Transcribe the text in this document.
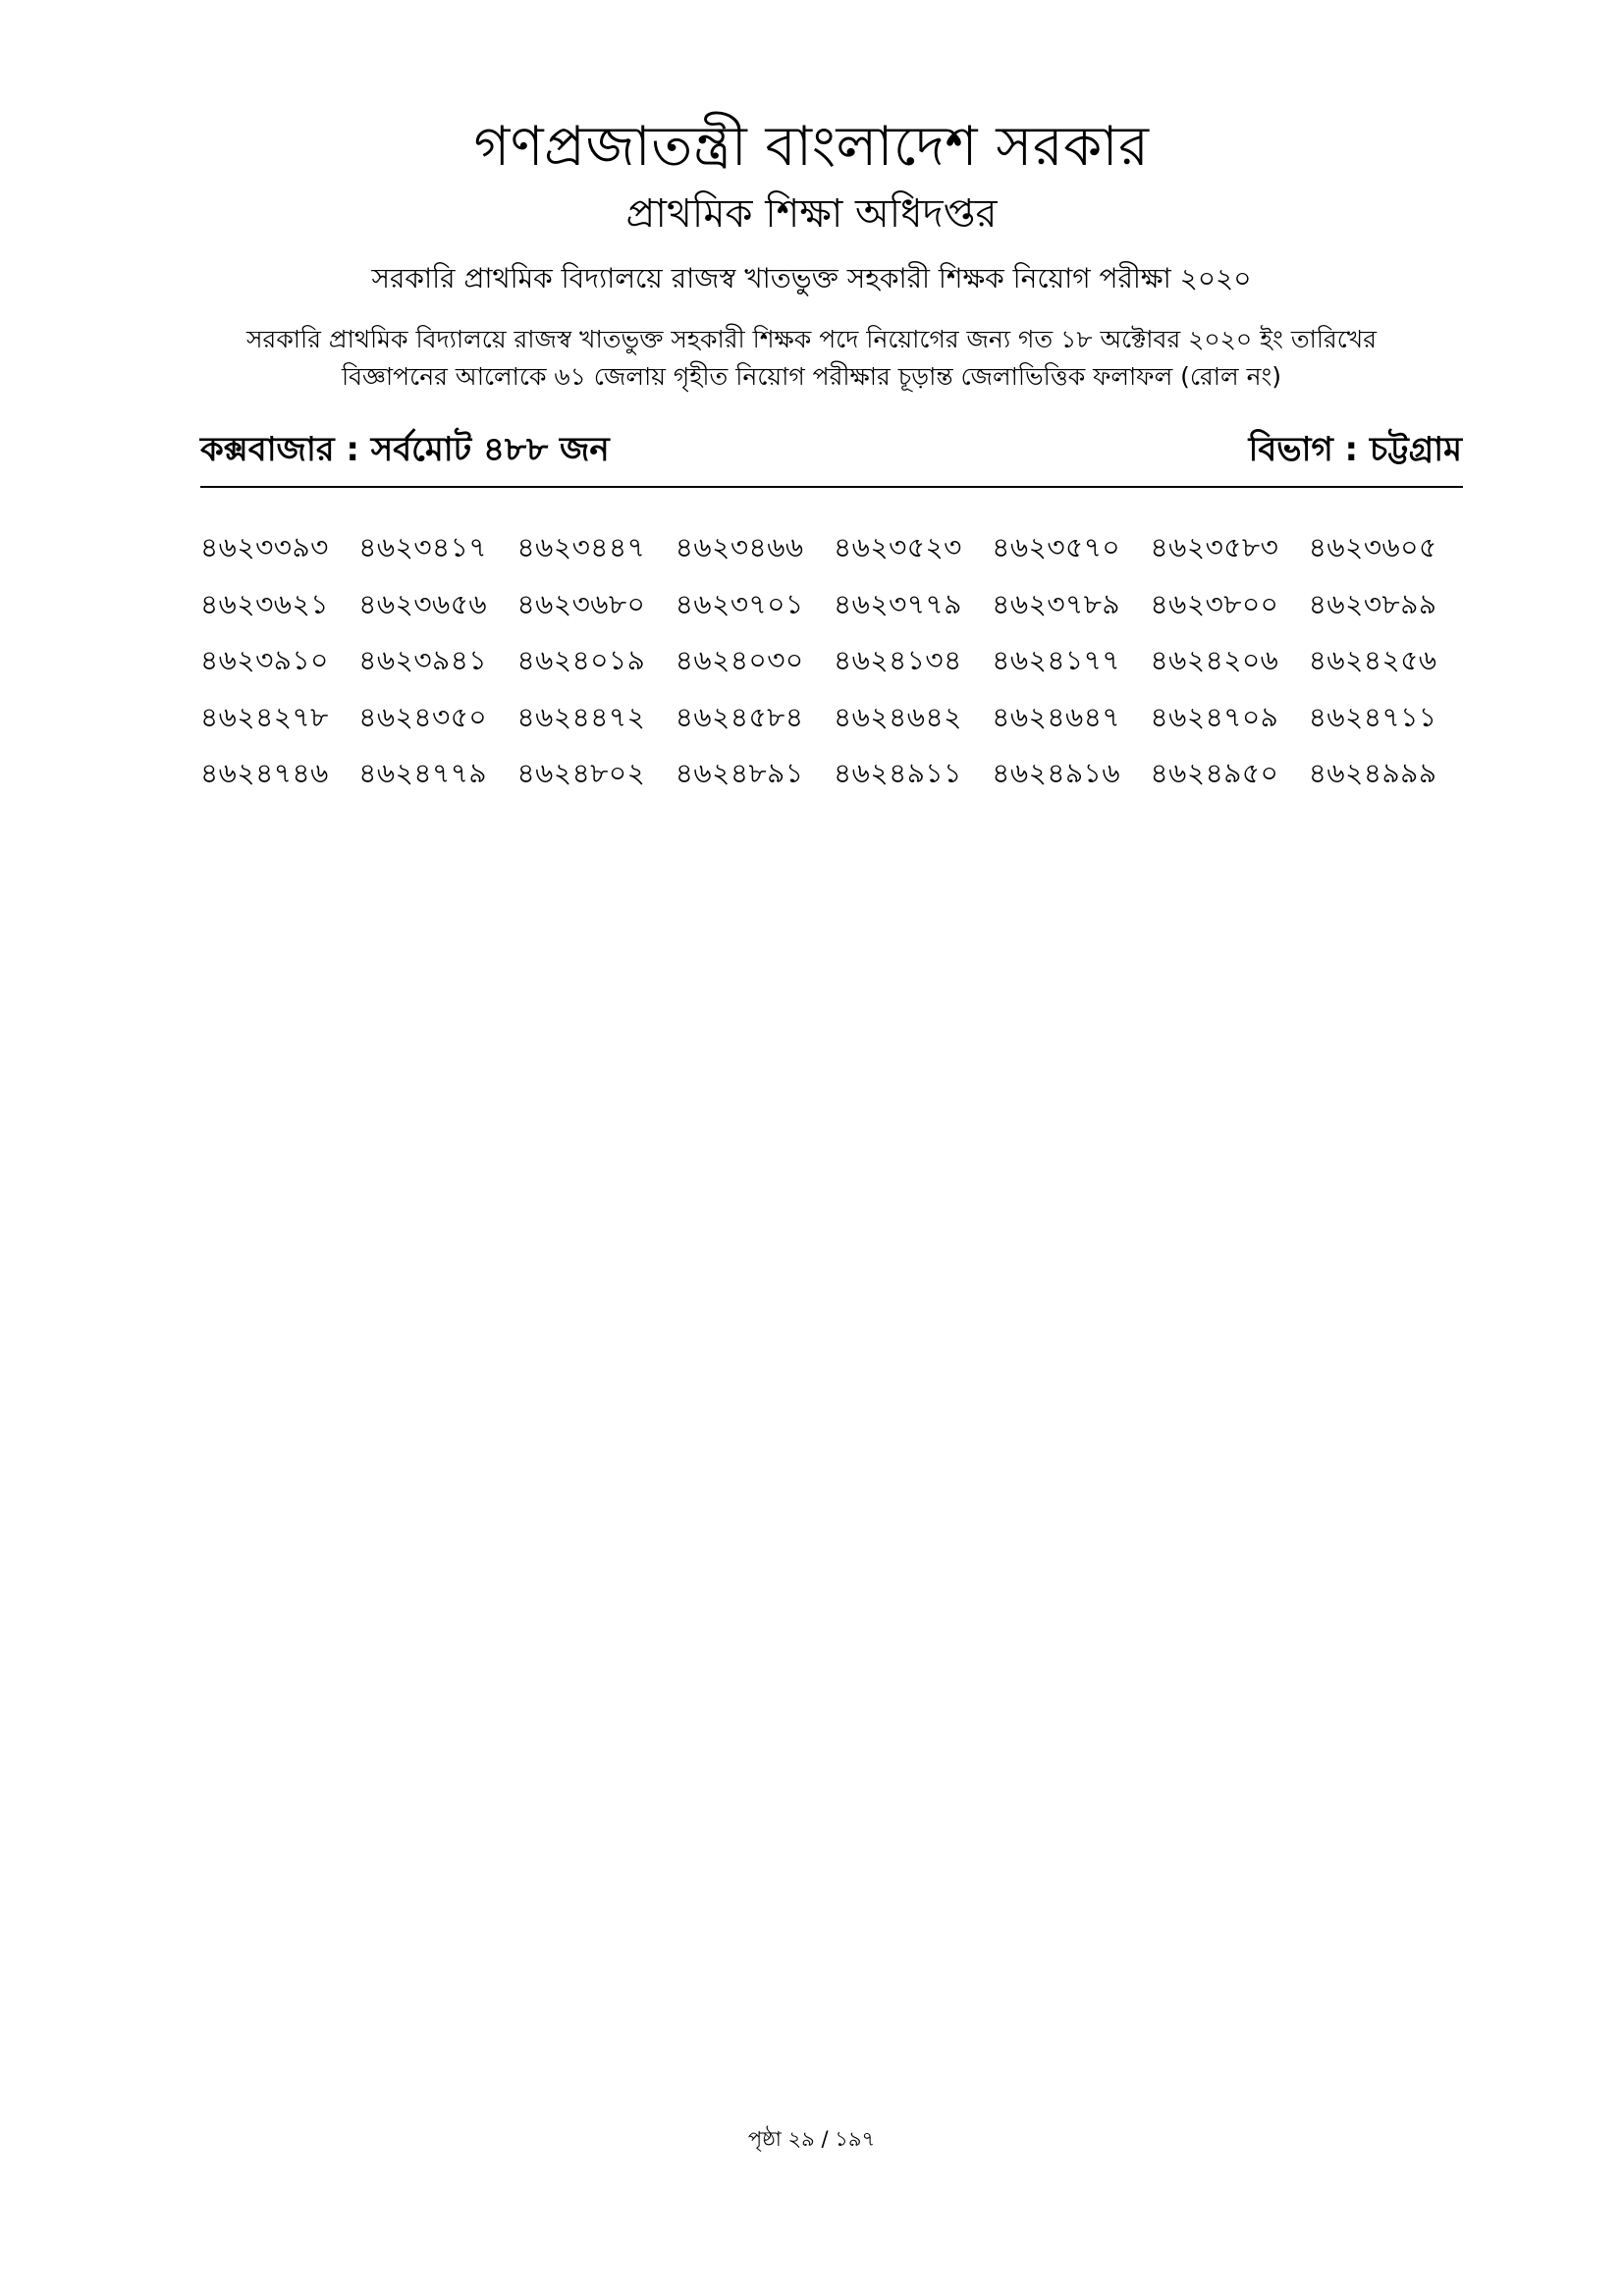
গণপ্রজাতন্ত্রী বাংলাদেশ সরকার
প্রাথমিক শিক্ষা অধিদপ্তর
সরকারি প্রাথমিক বিদ্যালয়ে রাজস্ব খাতভুক্ত সহকারী শিক্ষক নিয়োগ পরীক্ষা ২০২০
সরকারি প্রাথমিক বিদ্যালয়ে রাজস্ব খাতভুক্ত সহকারী শিক্ষক পদে নিয়োগের জন্য গত ১৮ অক্টোবর ২০২০ ইং তারিখের
বিজ্ঞাপনের আলোকে ৬১ জেলায় গৃহীত নিয়োগ পরীক্ষার চূড়ান্ত জেলাভিত্তিক ফলাফল (রোল নং)
কক্সবাজার : সর্বমোট ৪৮৮ জন	বিভাগ : চট্টগ্রাম
৪৬২৩৩৯৩	৪৬২৩৪১৭	৪৬২৩৪৪৭	৪৬২৩৪৬৬	৪৬২৩৫২৩	৪৬২৩৫৭০	৪৬২৩৫৮৩	৪৬২৩৬০৫
৪৬২৩৬২১	৪৬২৩৬৫৬	৪৬২৩৬৮০	৪৬২৩৭০১	৪৬২৩৭৭৯	৪৬২৩৭৮৯	৪৬২৩৮০০	৪৬২৩৮৯৯
৪৬২৩৯১০	৪৬২৩৯৪১	৪৬২৪০১৯	৪৬২৪০৩০	৪৬২৪১৩৪	৪৬২৪১৭৭	৪৬২৪২০৬	৪৬২৪২৫৬
৪৬২৪২৭৮	৪৬২৪৩৫০	৪৬২৪৪৭২	৪৬২৪৫৮৪	৪৬২৪৬৪২	৪৬২৪৬৪৭	৪৬২৪৭০৯	৪৬২৪৭১১
৪৬২৪৭৪৬	৪৬২৪৭৭৯	৪৬২৪৮০২	৪৬২৪৮৯১	৪৬২৪৯১১	৪৬২৪৯১৬	৪৬২৪৯৫০	৪৬২৪৯৯৯
পৃষ্ঠা ২৯ / ১৯৭
